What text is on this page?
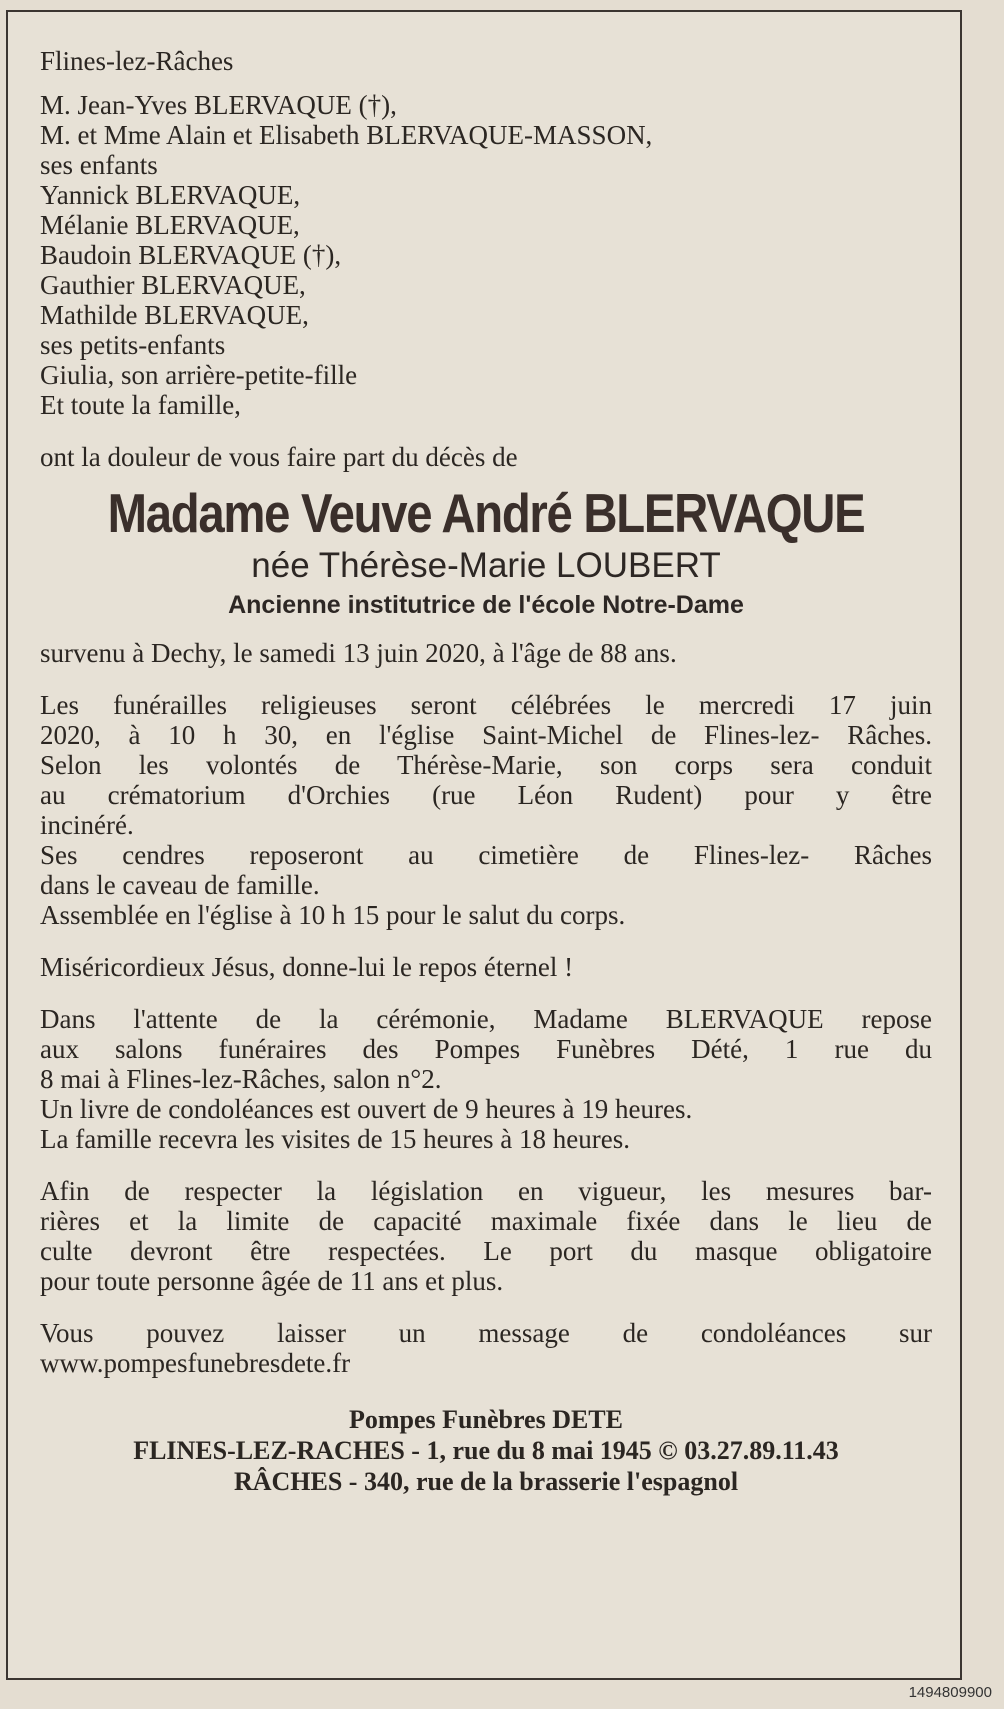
Flines-lez-Râches
M. Jean-Yves BLERVAQUE (†),
M. et Mme Alain et Elisabeth BLERVAQUE-MASSON,
ses enfants
Yannick BLERVAQUE,
Mélanie BLERVAQUE,
Baudoin BLERVAQUE (†),
Gauthier BLERVAQUE,
Mathilde BLERVAQUE,
ses petits-enfants
Giulia, son arrière-petite-fille
Et toute la famille,
ont la douleur de vous faire part du décès de
Madame Veuve André BLERVAQUE
née Thérèse-Marie LOUBERT
Ancienne institutrice de l'école Notre-Dame
survenu à Dechy, le samedi 13 juin 2020, à l'âge de 88 ans.
Les funérailles religieuses seront célébrées le mercredi 17 juin
2020, à 10 h 30, en l'église Saint-Michel de Flines-lez- Râches.
Selon les volontés de Thérèse-Marie, son corps sera conduit
au crématorium d'Orchies (rue Léon Rudent) pour y être
incinéré.
Ses cendres reposeront au cimetière de Flines-lez- Râches
dans le caveau de famille.
Assemblée en l'église à 10 h 15 pour le salut du corps.
Miséricordieux Jésus, donne-lui le repos éternel !
Dans l'attente de la cérémonie, Madame BLERVAQUE repose
aux salons funéraires des Pompes Funèbres Dété, 1 rue du
8 mai à Flines-lez-Râches, salon n°2.
Un livre de condoléances est ouvert de 9 heures à 19 heures.
La famille recevra les visites de 15 heures à 18 heures.
Afin de respecter la législation en vigueur, les mesures bar-
rières et la limite de capacité maximale fixée dans le lieu de
culte devront être respectées. Le port du masque obligatoire
pour toute personne âgée de 11 ans et plus.
Vous pouvez laisser un message de condoléances sur
www.pompesfunebresdete.fr
Pompes Funèbres DETE
FLINES-LEZ-RACHES - 1, rue du 8 mai 1945 © 03.27.89.11.43
RÂCHES - 340, rue de la brasserie l'espagnol
1494809900
